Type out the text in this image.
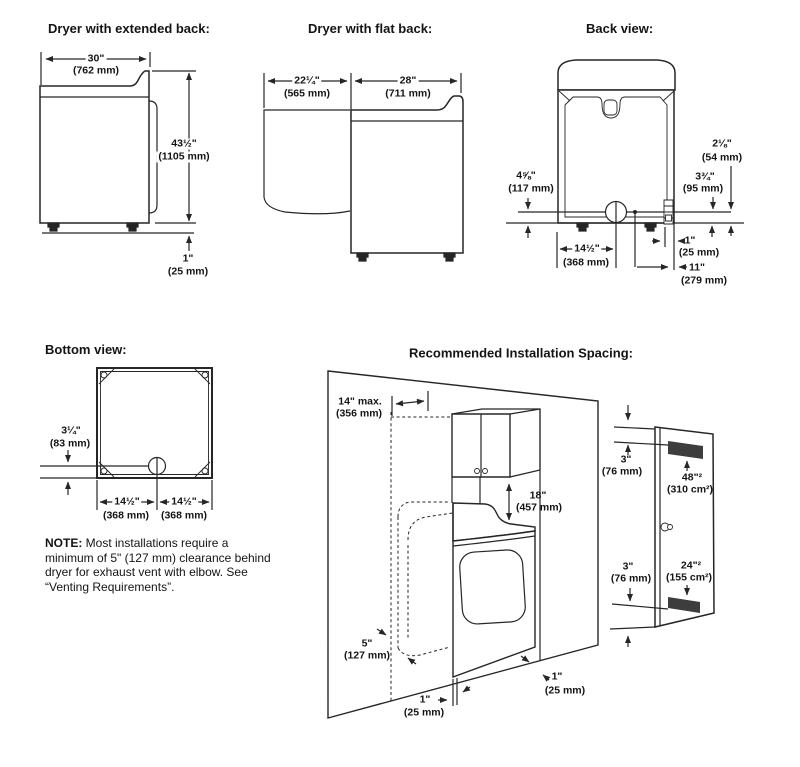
Dryer with extended back:
30"
(762 mm)
43½"
(1105 mm)
1"
(25 mm)
Dryer with flat back:
22¼"
(565 mm)
28"
(711 mm)
Back view:
2⅛"
(54 mm)
3¾"
(95 mm)
4⅝"
(117 mm)
14½"
(368 mm)
1"
(25 mm)
11"
(279 mm)
Bottom view:
3¼"
(83 mm)
14½"
(368 mm)
14½"
(368 mm)
NOTE: Most installations require a minimum of 5" (127 mm) clearance behind dryer for exhaust vent with elbow. See “Venting Requirements”.
Recommended Installation Spacing:
14" max.
(356 mm)
18"
(457 mm)
3"
(76 mm)	48"²
(310 cm²)
3"
(76 mm)
24"²
(155 cm²)
5"
(127 mm)
1"
(25 mm)
1"
(25 mm)
